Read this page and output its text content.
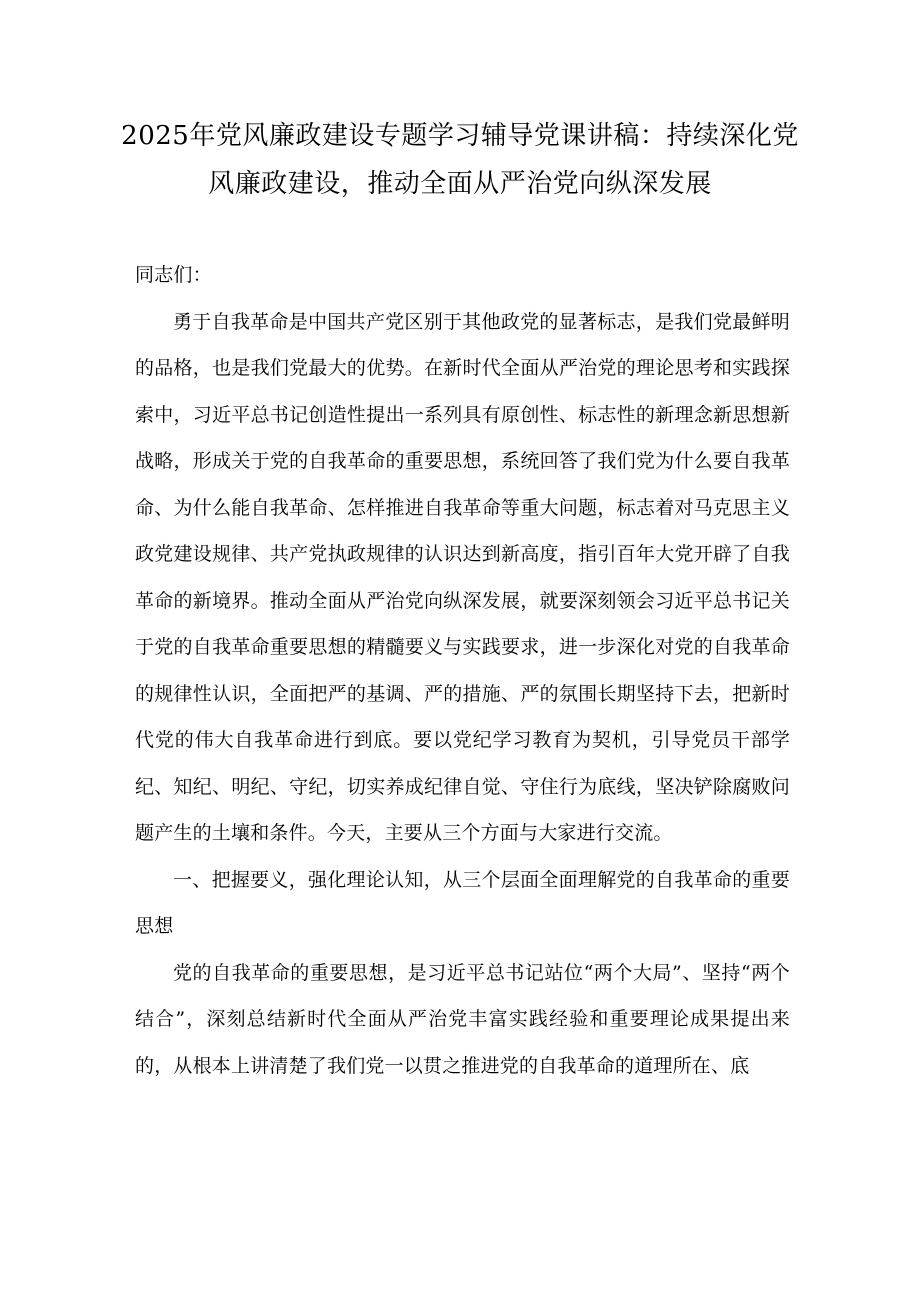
2025年党风廉政建设专题学习辅导党课讲稿：持续深化党风廉政建设，推动全面从严治党向纵深发展

同志们：

勇于自我革命是中国共产党区别于其他政党的显著标志，是我们党最鲜明的品格，也是我们党最大的优势。在新时代全面从严治党的理论思考和实践探索中，习近平总书记创造性提出一系列具有原创性、标志性的新理念新思想新战略，形成关于党的自我革命的重要思想，系统回答了我们党为什么要自我革命、为什么能自我革命、怎样推进自我革命等重大问题，标志着对马克思主义政党建设规律、共产党执政规律的认识达到新高度，指引百年大党开辟了自我革命的新境界。推动全面从严治党向纵深发展，就要深刻领会习近平总书记关于党的自我革命重要思想的精髓要义与实践要求，进一步深化对党的自我革命的规律性认识，全面把严的基调、严的措施、严的氛围长期坚持下去，把新时代党的伟大自我革命进行到底。要以党纪学习教育为契机，引导党员干部学纪、知纪、明纪、守纪，切实养成纪律自觉、守住行为底线，坚决铲除腐败问题产生的土壤和条件。今天，主要从三个方面与大家进行交流。

一、把握要义，强化理论认知，从三个层面全面理解党的自我革命的重要思想

党的自我革命的重要思想，是习近平总书记站位“两个大局”、坚持“两个结合”，深刻总结新时代全面从严治党丰富实践经验和重要理论成果提出来的，从根本上讲清楚了我们党一以贯之推进党的自我革命的道理所在、底
